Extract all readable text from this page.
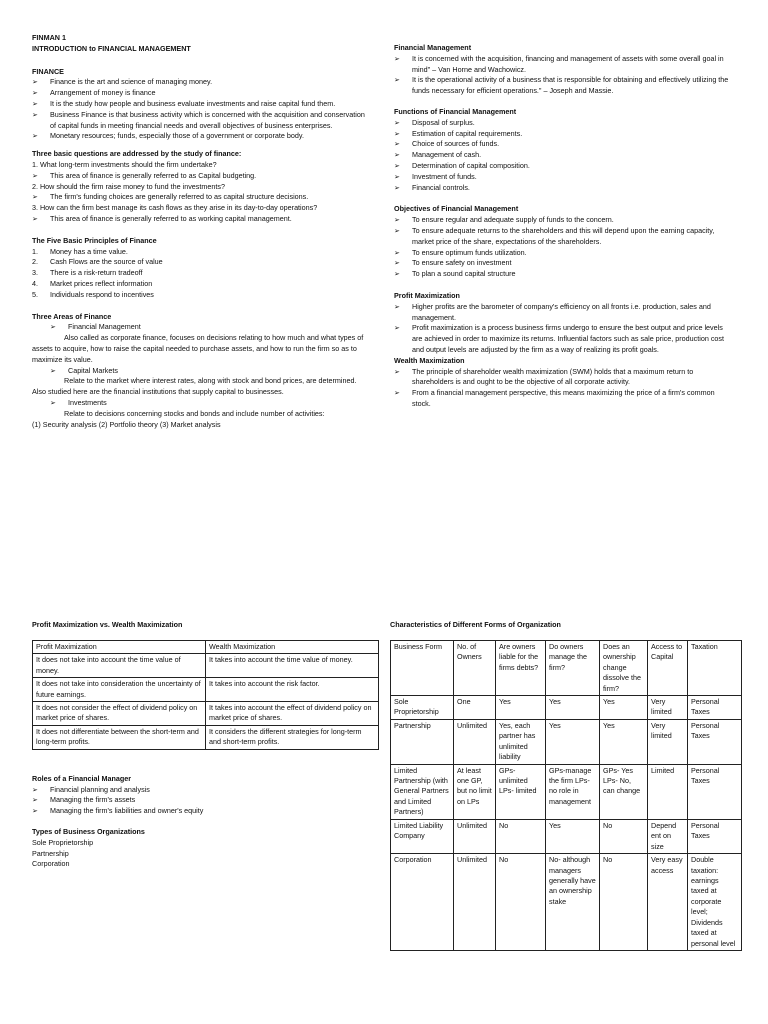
FINMAN 1
INTRODUCTION to FINANCIAL MANAGEMENT
FINANCE
➢ Finance is the art and science of managing money.
➢ Arrangement of money is finance
➢ It is the study how people and business evaluate investments and raise capital fund them.
➢ Business Finance is that business activity which is concerned with the acquisition and conservation of capital funds in meeting financial needs and overall objectives of business enterprises.
➢ Monetary resources; funds, especially those of a government or corporate body.
Three basic questions are addressed by the study of finance:
1. What long-term investments should the firm undertake?
➢ This area of finance is generally referred to as Capital budgeting.
2. How should the firm raise money to fund the investments?
➢ The firm's funding choices are generally referred to as capital structure decisions.
3. How can the firm best manage its cash flows as they arise in its day-to-day operations?
➢ This area of finance is generally referred to as working capital management.
The Five Basic Principles of Finance
1. Money has a time value.
2. Cash Flows are the source of value
3. There is a risk-return tradeoff
4. Market prices reflect information
5. Individuals respond to incentives
Three Areas of Finance
➢ Financial Management
Also called as corporate finance, focuses on decisions relating to how much and what types of assets to acquire, how to raise the capital needed to purchase assets, and how to run the firm so as to maximize its value.
➢ Capital Markets
Relate to the market where interest rates, along with stock and bond prices, are determined. Also studied here are the financial institutions that supply capital to businesses.
➢ Investments
Relate to decisions concerning stocks and bonds and include number of activities:
(1) Security analysis (2) Portfolio theory (3) Market analysis
Financial Management
➢ It is concerned with the acquisition, financing and management of assets with some overall goal in mind" – Van Horne and Wachowicz.
➢ It is the operational activity of a business that is responsible for obtaining and effectively utilizing the funds necessary for efficient operations." – Joseph and Massie.
Functions of Financial Management
➢ Disposal of surplus.
➢ Estimation of capital requirements.
➢ Choice of sources of funds.
➢ Management of cash.
➢ Determination of capital composition.
➢ Investment of funds.
➢ Financial controls.
Objectives of Financial Management
➢ To ensure regular and adequate supply of funds to the concern.
➢ To ensure adequate returns to the shareholders and this will depend upon the earning capacity, market price of the share, expectations of the shareholders.
➢ To ensure optimum funds utilization.
➢ To ensure safety on investment
➢ To plan a sound capital structure
Profit Maximization
➢ Higher profits are the barometer of company's efficiency on all fronts i.e. production, sales and management.
➢ Profit maximization is a process business firms undergo to ensure the best output and price levels are achieved in order to maximize its returns. Influential factors such as sale price, production cost and output levels are adjusted by the firm as a way of realizing its profit goals.
Wealth Maximization
➢ The principle of shareholder wealth maximization (SWM) holds that a maximum return to shareholders is and ought to be the objective of all corporate activity.
➢ From a financial management perspective, this means maximizing the price of a firm's common stock.
Profit Maximization vs. Wealth Maximization
Profit Maximization	Wealth Maximization
It does not take into account the time value of money.	It takes into account the time value of money.
It does not take into consideration the uncertainty of future earnings.	It takes into account the risk factor.
It does not consider the effect of dividend policy on market price of shares.	It takes into account the effect of dividend policy on market price of shares.
It does not differentiate between the short-term and long-term profits.	It considers the different strategies for long-term and short-term profits.
Roles of a Financial Manager
➢ Financial planning and analysis
➢ Managing the firm's assets
➢ Managing the firm's liabilities and owner's equity
Types of Business Organizations
Sole Proprietorship
Partnership
Corporation
Characteristics of Different Forms of Organization
Business Form	No. of Owners	Are owners liable for the firms debts?	Do owners manage the firm?	Does an ownership change dissolve the firm?	Access to Capital	Taxation
Sole Proprietorship	One	Yes	Yes	Yes	Very limited	Personal Taxes
Partnership	Unlimited	Yes, each partner has unlimited liability	Yes	Yes	Very limited	Personal Taxes
Limited Partnership (with General Partners and Limited Partners)	At least one GP, but no limit on LPs	GPs- unlimited LPs- limited	GPs-manage the firm LPs- no role in management	GPs- Yes LPs- No, can change	Limited	Personal Taxes
Limited Liability Company	Unlimited	No	Yes	No	Depend ent on size	Personal Taxes
Corporation	Unlimited	No	No- although managers generally have an ownership stake	No	Very easy access	Double taxation: earnings taxed at corporate level; Dividends taxed at personal level
